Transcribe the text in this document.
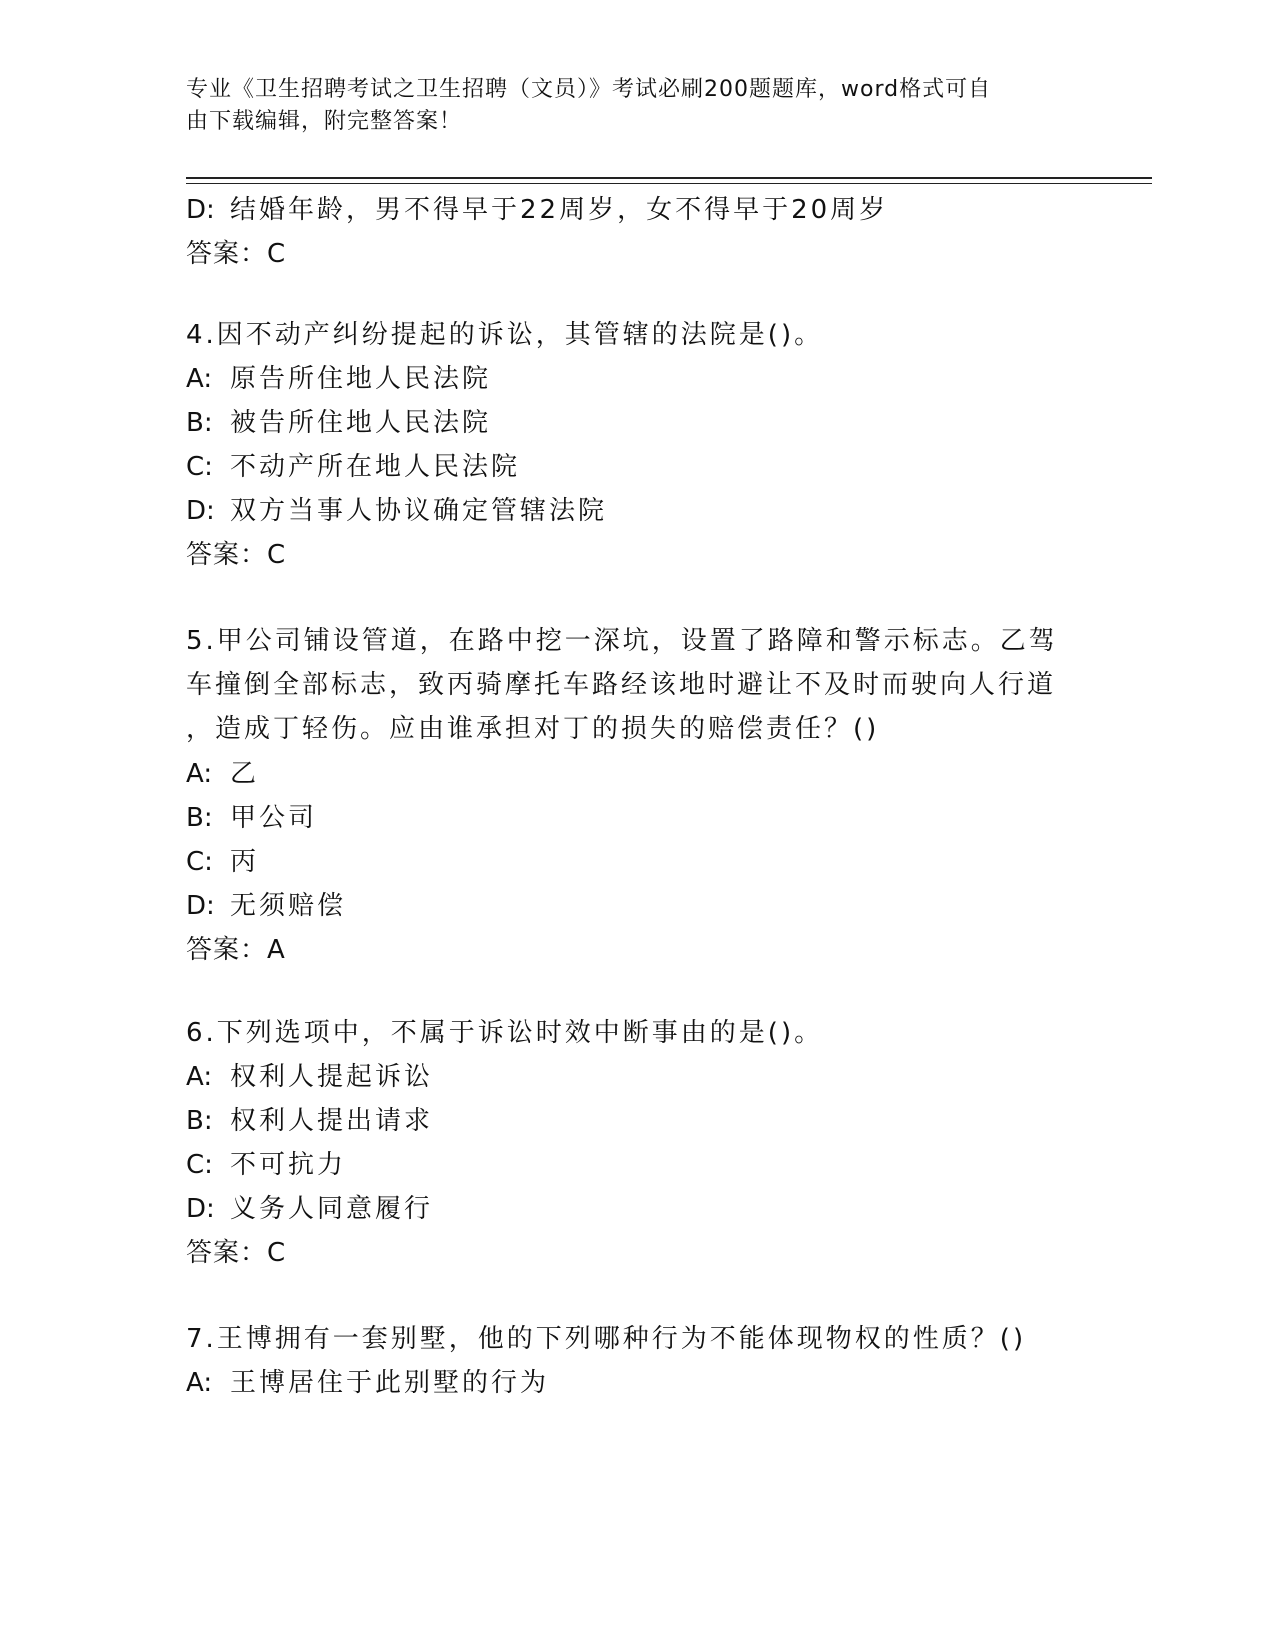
专业《卫生招聘考试之卫生招聘（文员）》考试必刷200题题库，word格式可自
由下载编辑，附完整答案！
D: 结婚年龄，男不得早于22周岁，女不得早于20周岁
答案：C
4.因不动产纠纷提起的诉讼，其管辖的法院是()。
A: 原告所住地人民法院
B: 被告所住地人民法院
C: 不动产所在地人民法院
D: 双方当事人协议确定管辖法院
答案：C
5.甲公司铺设管道，在路中挖一深坑，设置了路障和警示标志。乙驾
车撞倒全部标志，致丙骑摩托车路经该地时避让不及时而驶向人行道
，造成丁轻伤。应由谁承担对丁的损失的赔偿责任？()
A: 乙
B: 甲公司
C: 丙
D: 无须赔偿
答案：A
6.下列选项中，不属于诉讼时效中断事由的是()。
A: 权利人提起诉讼
B: 权利人提出请求
C: 不可抗力
D: 义务人同意履行
答案：C
7.王博拥有一套别墅，他的下列哪种行为不能体现物权的性质？()
A: 王博居住于此别墅的行为
